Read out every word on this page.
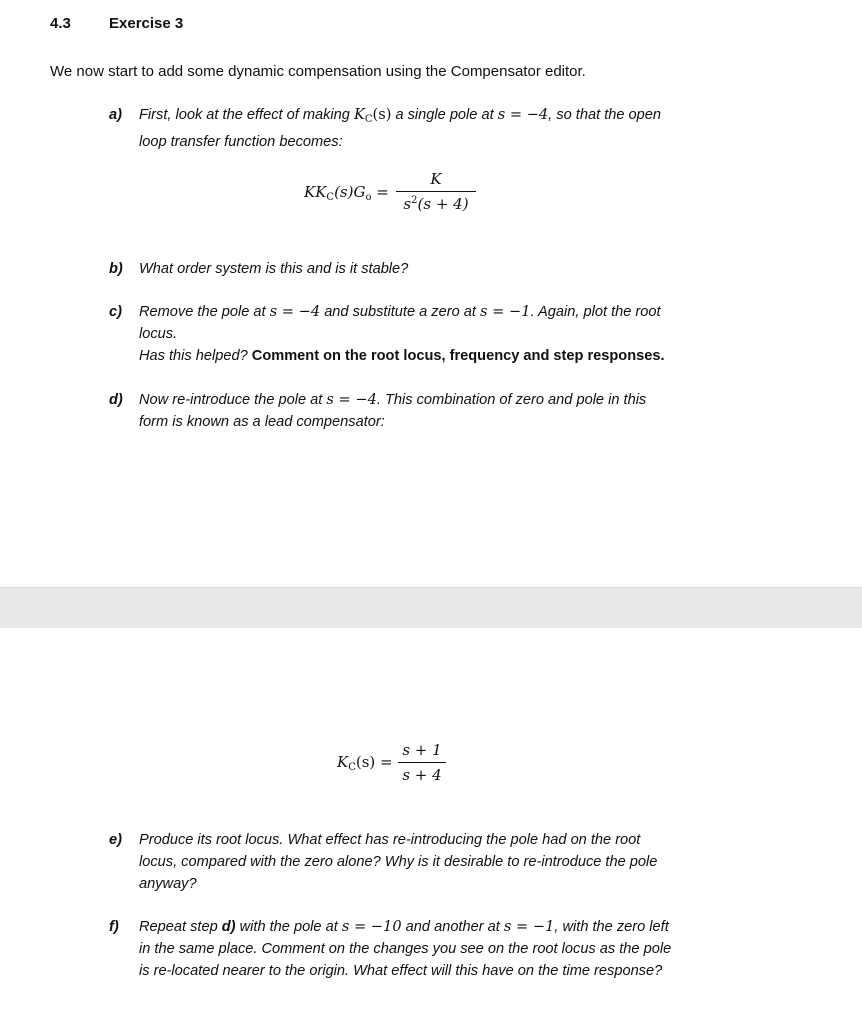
4.3	Exercise 3
We now start to add some dynamic compensation using the Compensator editor.
a) First, look at the effect of making $K_C(s)$ a single pole at s = −4, so that the open
loop transfer function becomes:
$KK_C(s)G_o$ =
K
$s^2(s + 4)$
b) What order system is this and is it stable?
c) Remove the pole at s = −4 and substitute a zero at s = −1. Again, plot the root
locus.
Has this helped? Comment on the root locus, frequency and step responses.
d) Now re-introduce the pole at s = −4. This combination of zero and pole in this
form is known as a lead compensator:
$K_C(s)$ =
s + 1
s + 4
e) Produce its root locus. What effect has re-introducing the pole had on the root
locus, compared with the zero alone? Why is it desirable to re-introduce the pole
anyway?
f) Repeat step d) with the pole at s = −10 and another at s = −1, with the zero left
in the same place. Comment on the changes you see on the root locus as the pole
is re-located nearer to the origin. What effect will this have on the time response?
